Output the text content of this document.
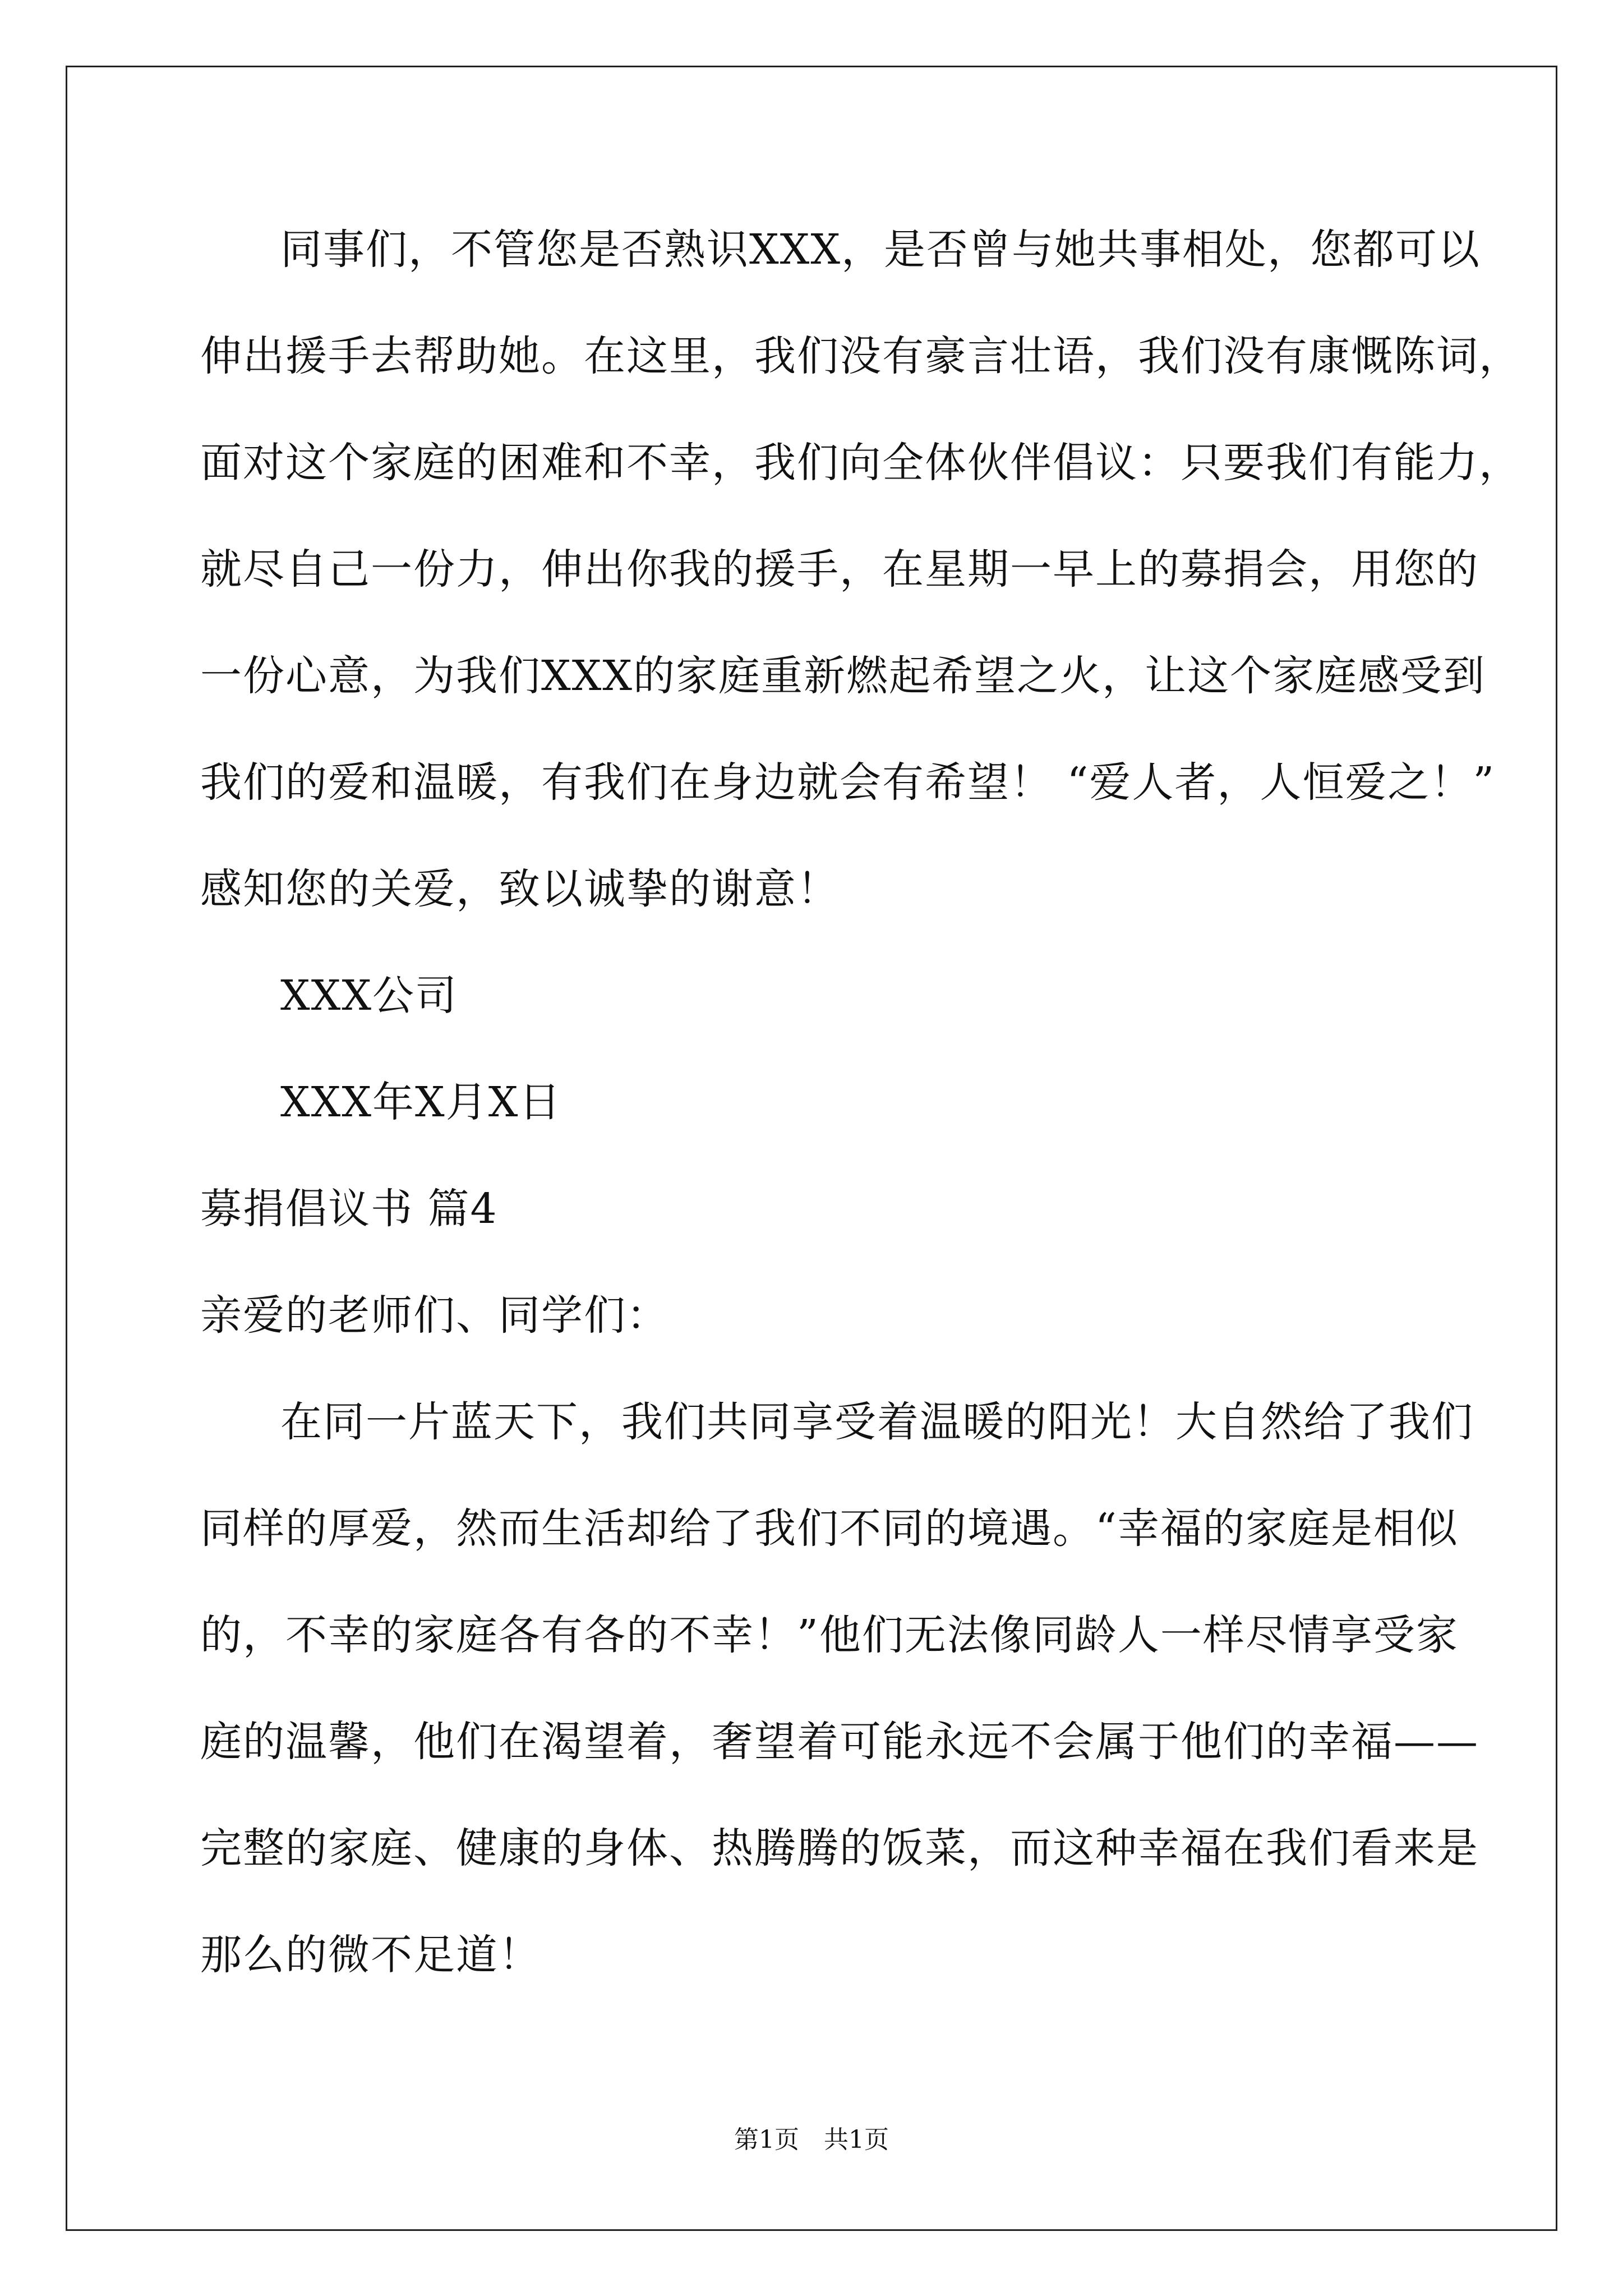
同事们，不管您是否熟识XXX，是否曾与她共事相处，您都可以
伸出援手去帮助她。在这里，我们没有豪言壮语，我们没有康慨陈词，
面对这个家庭的困难和不幸，我们向全体伙伴倡议：只要我们有能力，
就尽自己一份力，伸出你我的援手，在星期一早上的募捐会，用您的
一份心意，为我们XXX的家庭重新燃起希望之火，让这个家庭感受到
我们的爱和温暖，有我们在身边就会有希望！ “爱人者，人恒爱之！”
感知您的关爱，致以诚挚的谢意！
XXX公司
XXX年X月X日
募捐倡议书 篇4
亲爱的老师们、同学们：
在同一片蓝天下，我们共同享受着温暖的阳光！大自然给了我们
同样的厚爱，然而生活却给了我们不同的境遇。“幸福的家庭是相似
的，不幸的家庭各有各的不幸！”他们无法像同龄人一样尽情享受家
庭的温馨，他们在渴望着，奢望着可能永远不会属于他们的幸福——
完整的家庭、健康的身体、热腾腾的饭菜，而这种幸福在我们看来是
那么的微不足道！
第1页　共1页
